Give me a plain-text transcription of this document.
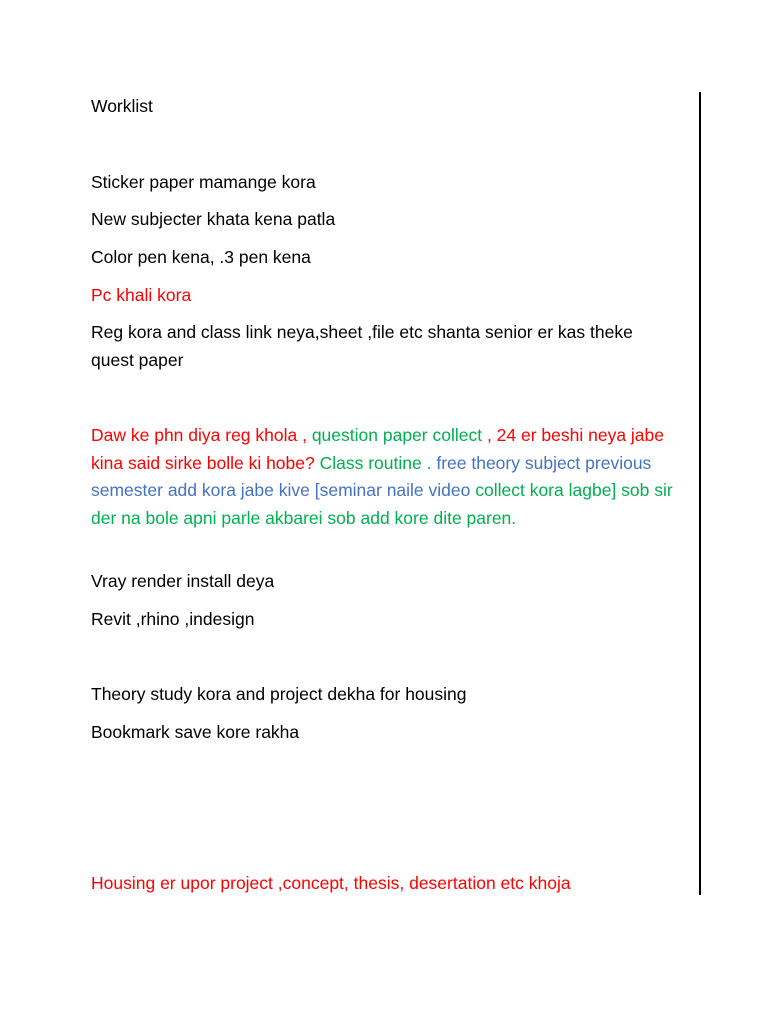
Worklist
Sticker paper mamange kora
New subjecter khata kena patla
Color pen kena, .3 pen kena
Pc khali kora
Reg kora and class link neya,sheet ,file etc shanta senior er kas theke
quest paper
Daw ke phn diya reg khola , question paper collect , 24 er beshi neya jabe kina said sirke bolle ki hobe? Class routine . free theory subject previous semester add kora jabe kive [seminar naile video collect kora lagbe] sob sir der na bole apni parle akbarei sob add kore dite paren.
Vray render install deya
Revit ,rhino ,indesign
Theory study kora and project dekha for housing
Bookmark save kore rakha
Housing er upor project ,concept, thesis, desertation etc khoja
